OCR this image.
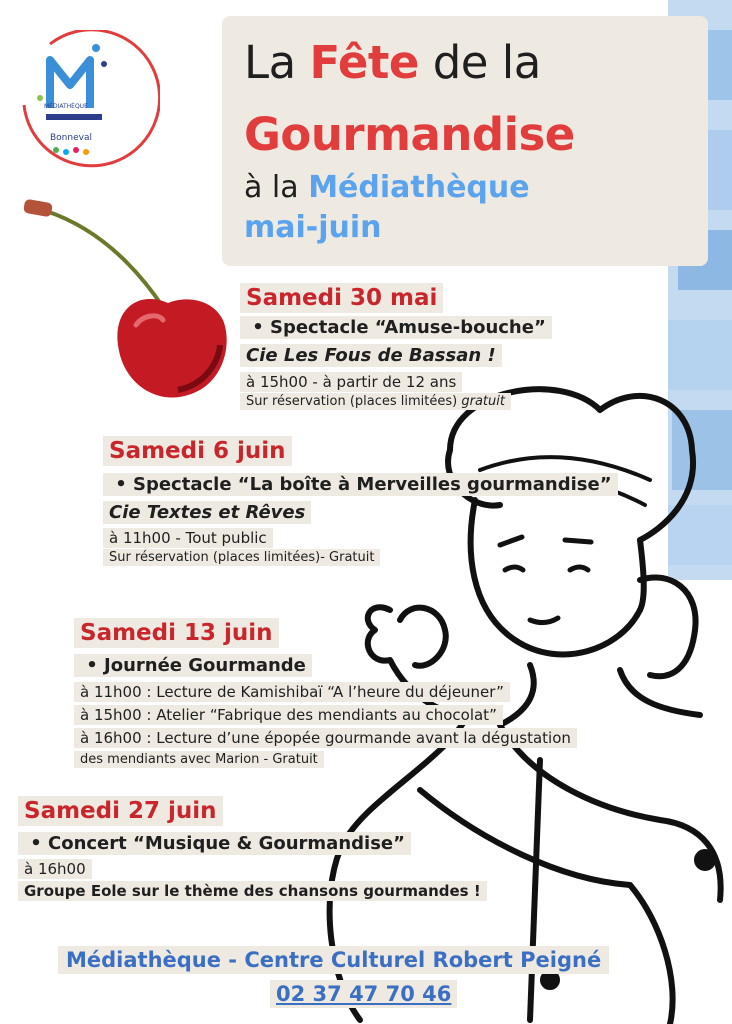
Bonneval
MÉDIATHÈQUE
La Fête de la
Gourmandise
à la Médiathèque
mai-juin
Samedi 30 mai
• Spectacle “Amuse-bouche”
Cie Les Fous de Bassan !
à 15h00 - à partir de 12 ans
Sur réservation (places limitées) gratuit
Samedi 6 juin
• Spectacle “La boîte à Merveilles gourmandise”
Cie Textes et Rêves
à 11h00 - Tout public
Sur réservation (places limitées)- Gratuit
Samedi 13 juin
• Journée Gourmande
à 11h00 : Lecture de Kamishibaï “A l’heure du déjeuner”
à 15h00 : Atelier “Fabrique des mendiants au chocolat”
à 16h00 : Lecture d’une épopée gourmande avant la dégustation
des mendiants avec Marion - Gratuit
Samedi 27 juin
• Concert “Musique & Gourmandise”
à 16h00
Groupe Eole sur le thème des chansons gourmandes !
Médiathèque - Centre Culturel Robert Peigné
02 37 47 70 46
